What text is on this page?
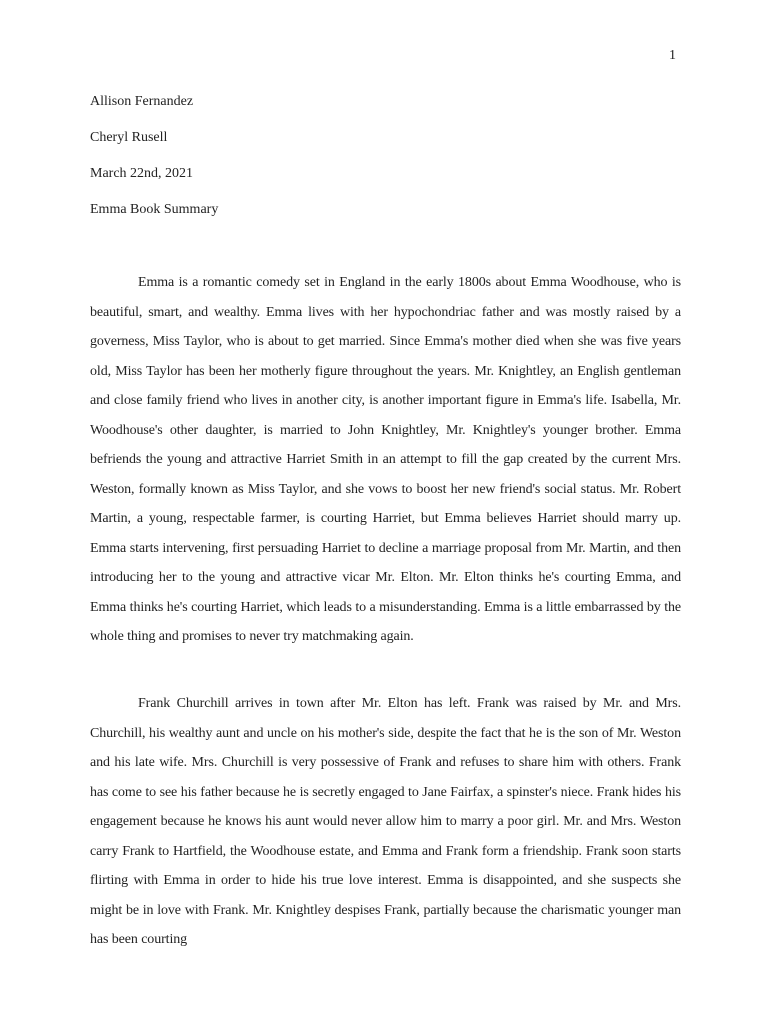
1
Allison Fernandez
Cheryl Rusell
March 22nd, 2021
Emma Book Summary

Emma is a romantic comedy set in England in the early 1800s about Emma Woodhouse, who is beautiful, smart, and wealthy. Emma lives with her hypochondriac father and was mostly raised by a governess, Miss Taylor, who is about to get married. Since Emma's mother died when she was five years old, Miss Taylor has been her motherly figure throughout the years. Mr. Knightley, an English gentleman and close family friend who lives in another city, is another important figure in Emma's life. Isabella, Mr. Woodhouse's other daughter, is married to John Knightley, Mr. Knightley's younger brother. Emma befriends the young and attractive Harriet Smith in an attempt to fill the gap created by the current Mrs. Weston, formally known as Miss Taylor, and she vows to boost her new friend's social status. Mr. Robert Martin, a young, respectable farmer, is courting Harriet, but Emma believes Harriet should marry up. Emma starts intervening, first persuading Harriet to decline a marriage proposal from Mr. Martin, and then introducing her to the young and attractive vicar Mr. Elton. Mr. Elton thinks he's courting Emma, and Emma thinks he's courting Harriet, which leads to a misunderstanding. Emma is a little embarrassed by the whole thing and promises to never try matchmaking again.

Frank Churchill arrives in town after Mr. Elton has left. Frank was raised by Mr. and Mrs. Churchill, his wealthy aunt and uncle on his mother's side, despite the fact that he is the son of Mr. Weston and his late wife. Mrs. Churchill is very possessive of Frank and refuses to share him with others. Frank has come to see his father because he is secretly engaged to Jane Fairfax, a spinster's niece. Frank hides his engagement because he knows his aunt would never allow him to marry a poor girl. Mr. and Mrs. Weston carry Frank to Hartfield, the Woodhouse estate, and Emma and Frank form a friendship. Frank soon starts flirting with Emma in order to hide his true love interest. Emma is disappointed, and she suspects she might be in love with Frank. Mr. Knightley despises Frank, partially because the charismatic younger man has been courting
